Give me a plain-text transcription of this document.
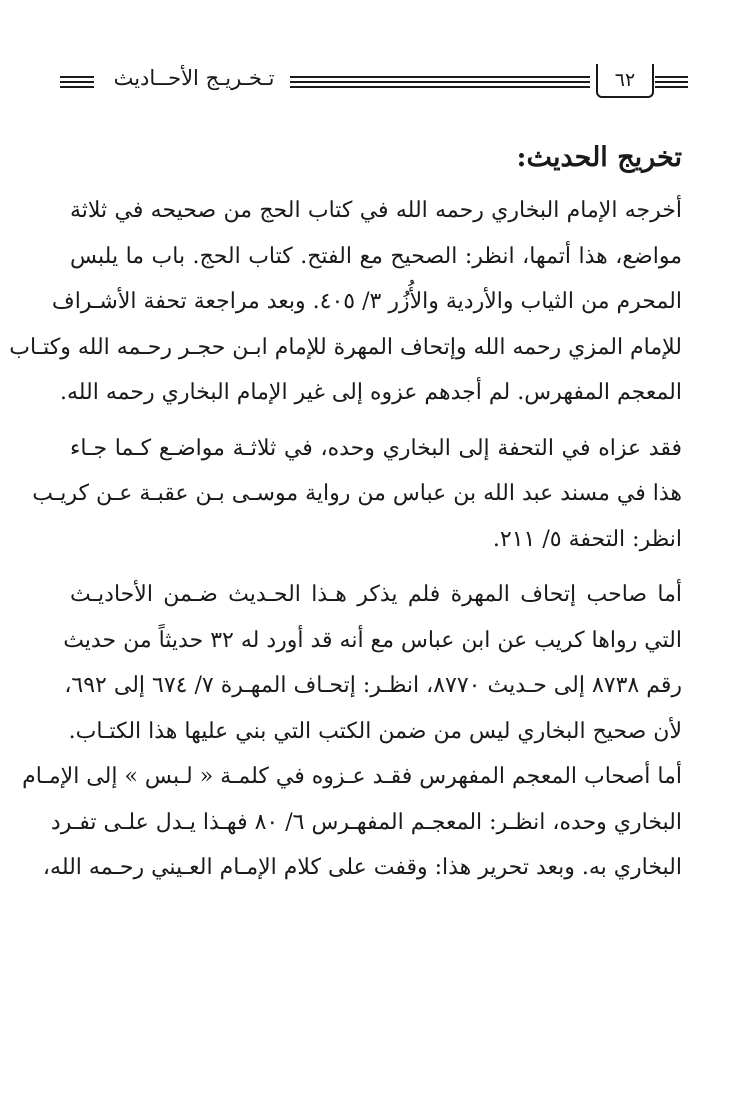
تـخـريـج الأحــاديث	٦٢
تخريج الحديث:

أخرجه الإمام البخاري رحمه الله في كتاب الحج من صحيحه في ثلاثة
مواضع، هذا أتمها، انظر: الصحيح مع الفتح. كتاب الحج. باب ما يلبس
المحرم من الثياب والأردية والأُزُر ٣/ ٤٠٥. وبعد مراجعة تحفة الأشـراف
للإمام المزي رحمه الله وإتحاف المهرة للإمام ابـن حجـر رحـمه الله وكتـاب
المعجم المفهرس. لم أجدهم عزوه إلى غير الإمام البخاري رحمه الله.

فقد عزاه في التحفة إلى البخاري وحده، في ثلاثـة مواضـع كـما جـاء
هذا في مسند عبد الله بن عباس من رواية موسـى بـن عقبـة عـن كريـب
انظر: التحفة ٥/ ٢١١.

أما صاحب إتحاف المهرة فلم يذكر هـذا الحـديث ضـمن الأحاديـث
التي رواها كريب عن ابن عباس مع أنه قد أورد له ٣٢ حديثاً من حديث
رقم ٨٧٣٨ إلى حـديث ٨٧٧٠، انظـر: إتحـاف المهـرة ٧/ ٦٧٤ إلى ٦٩٢،
لأن صحيح البخاري ليس من ضمن الكتب التي بني عليها هذا الكتـاب.
أما أصحاب المعجم المفهرس فقـد عـزوه في كلمـة « لـبس » إلى الإمـام
البخاري وحده، انظـر: المعجـم المفهـرس ٦/ ٨٠ فهـذا يـدل علـى تفـرد
البخاري به. وبعد تحرير هذا: وقفت على كلام الإمـام العـيني رحـمه الله،
